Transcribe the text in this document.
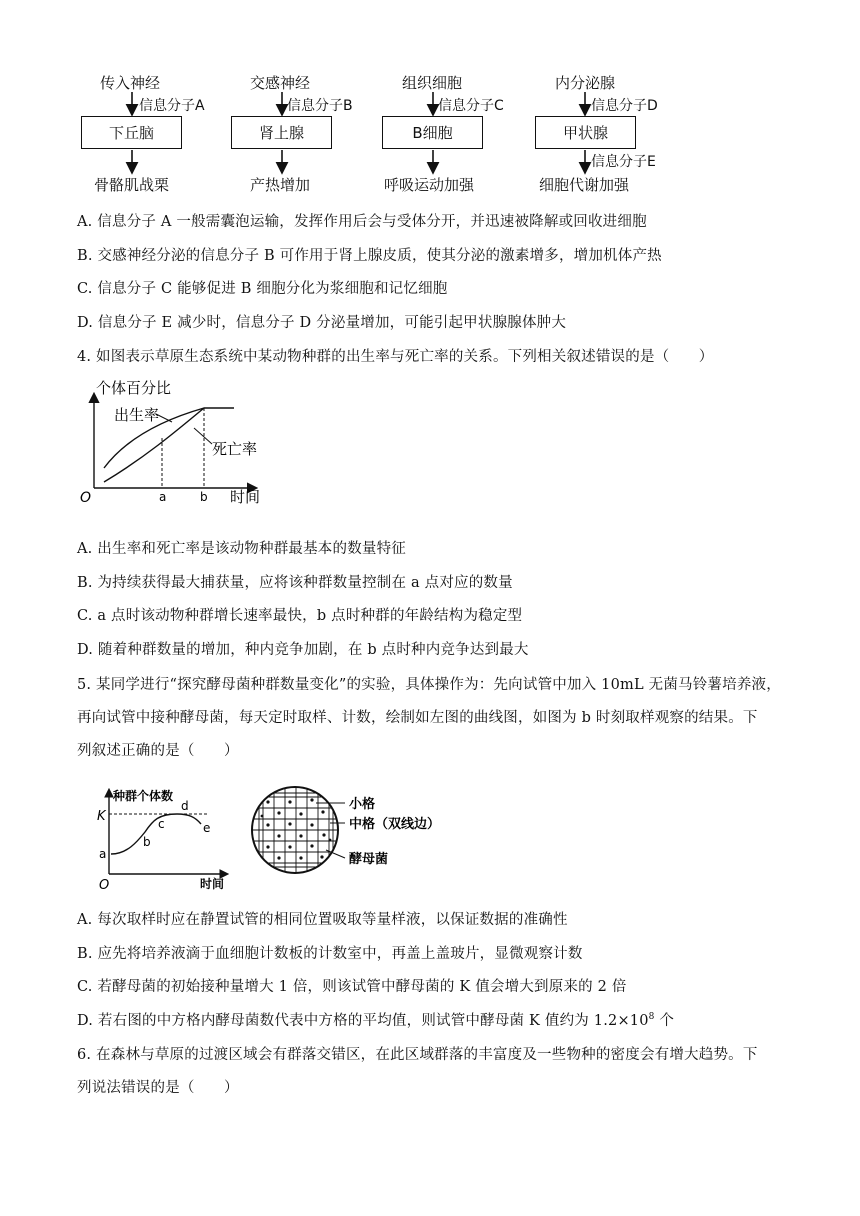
传入神经
信息分子A
下丘脑
骨骼肌战栗
交感神经
信息分子B
肾上腺
产热增加
组织细胞
信息分子C
B细胞
呼吸运动加强
内分泌腺
信息分子D
甲状腺
信息分子E
细胞代谢加强
A. 信息分子 A 一般需囊泡运输，发挥作用后会与受体分开，并迅速被降解或回收进细胞
B. 交感神经分泌的信息分子 B 可作用于肾上腺皮质，使其分泌的激素增多，增加机体产热
C. 信息分子 C 能够促进 B 细胞分化为浆细胞和记忆细胞
D. 信息分子 E 减少时，信息分子 D 分泌量增加，可能引起甲状腺腺体肿大
4. 如图表示草原生态系统中某动物种群的出生率与死亡率的关系。下列相关叙述错误的是（　　）
个体百分比
出生率
死亡率
O	a	b 时间
A. 出生率和死亡率是该动物种群最基本的数量特征
B. 为持续获得最大捕获量，应将该种群数量控制在 a 点对应的数量
C. a 点时该动物种群增长速率最快，b 点时种群的年龄结构为稳定型
D. 随着种群数量的增加，种内竞争加剧，在 b 点时种内竞争达到最大
5. 某同学进行“探究酵母菌种群数量变化”的实验，具体操作为：先向试管中加入 10mL 无菌马铃薯培养液，
再向试管中接种酵母菌，每天定时取样、计数，绘制如左图的曲线图，如图为 b 时刻取样观察的结果。下
列叙述正确的是（　　）
种群个体数
K
O	时间
a
b
c
d
e
小格
中格（双线边）
酵母菌
A. 每次取样时应在静置试管的相同位置吸取等量样液，以保证数据的准确性
B. 应先将培养液滴于血细胞计数板的计数室中，再盖上盖玻片，显微观察计数
C. 若酵母菌的初始接种量增大 1 倍，则该试管中酵母菌的 K 值会增大到原来的 2 倍
D. 若右图的中方格内酵母菌数代表中方格的平均值，则试管中酵母菌 K 值约为 $1.2\times 10^8$ 个
6. 在森林与草原的过渡区域会有群落交错区，在此区域群落的丰富度及一些物种的密度会有增大趋势。下
列说法错误的是（　　）
